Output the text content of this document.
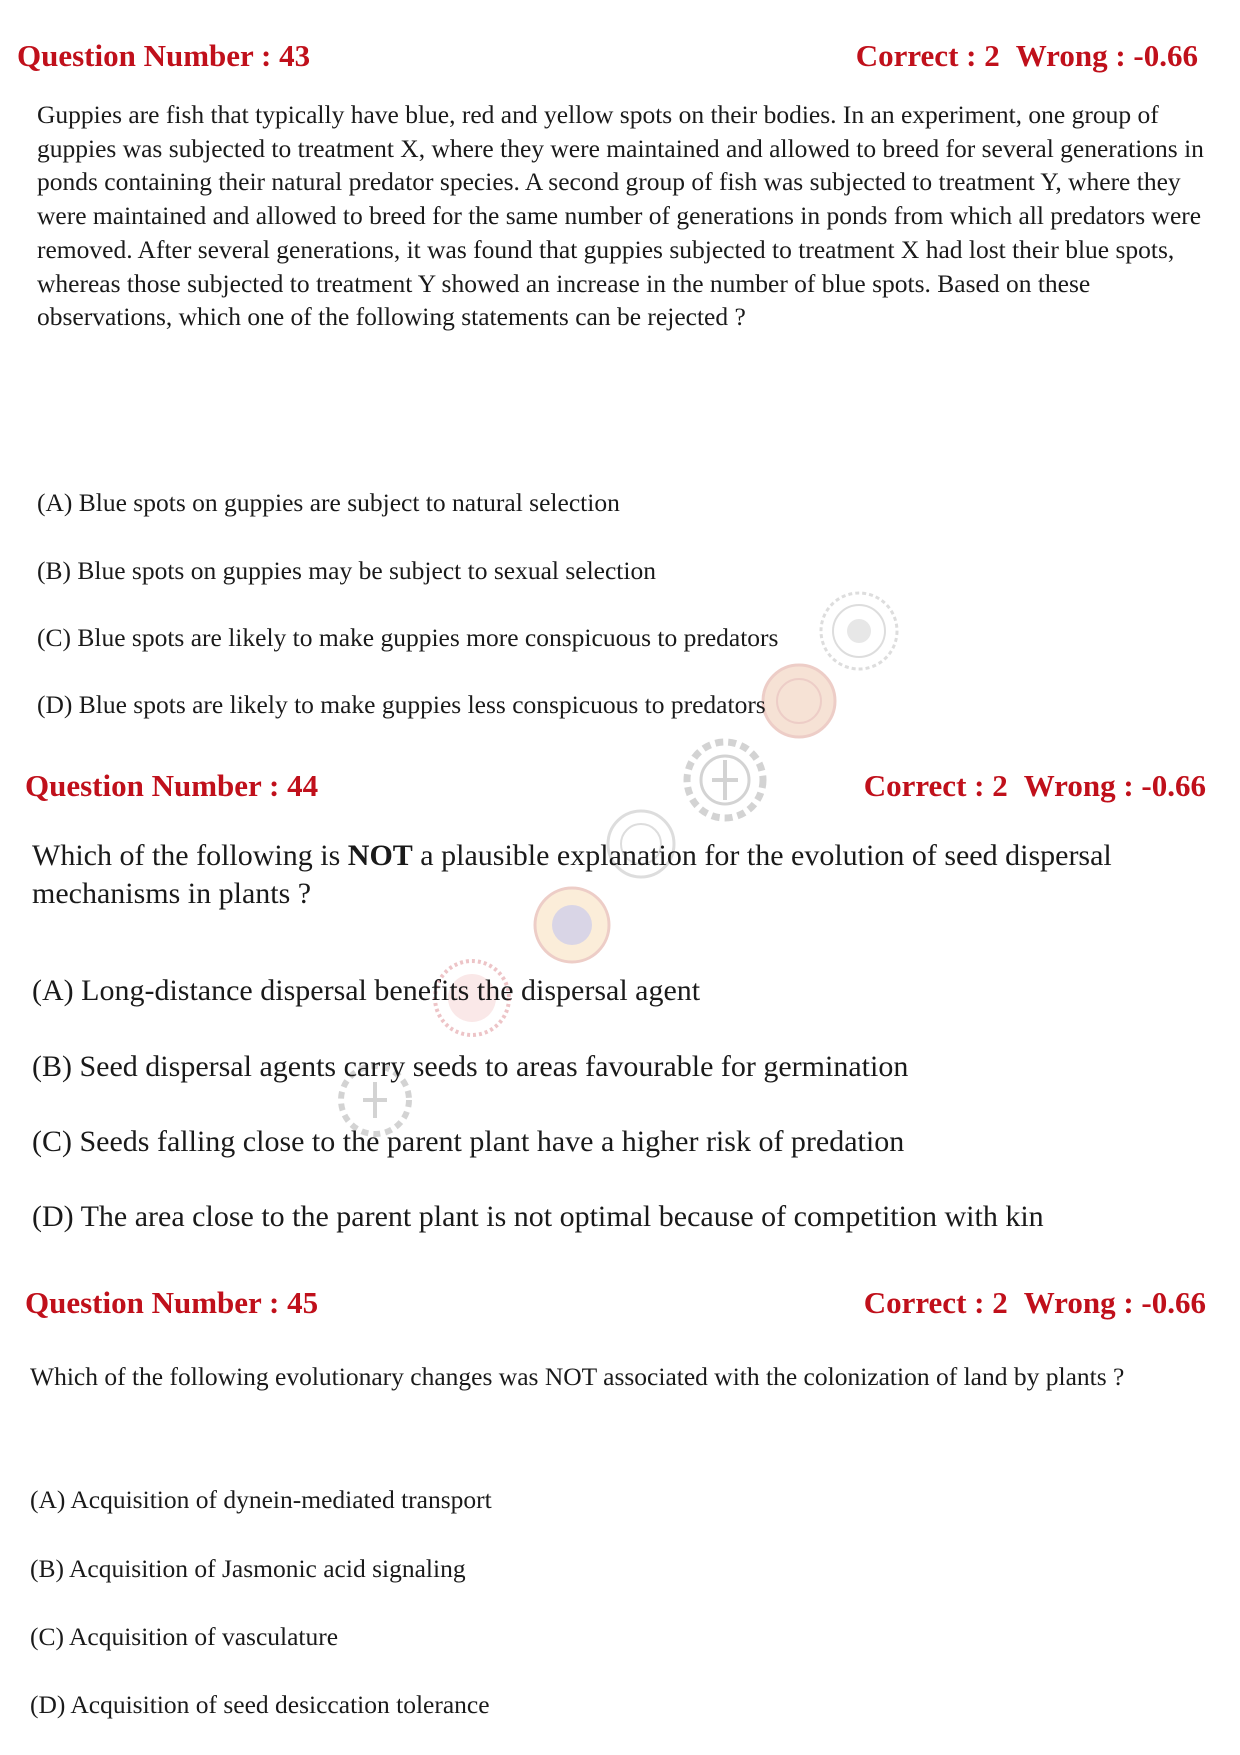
Question Number : 43	Correct : 2 Wrong : -0.66

Guppies are fish that typically have blue, red and yellow spots on their bodies. In an experiment, one group of guppies was subjected to treatment X, where they were maintained and allowed to breed for several generations in ponds containing their natural predator species. A second group of fish was subjected to treatment Y, where they were maintained and allowed to breed for the same number of generations in ponds from which all predators were removed. After several generations, it was found that guppies subjected to treatment X had lost their blue spots, whereas those subjected to treatment Y showed an increase in the number of blue spots. Based on these observations, which one of the following statements can be rejected ?

(A) Blue spots on guppies are subject to natural selection

(B) Blue spots on guppies may be subject to sexual selection

(C) Blue spots are likely to make guppies more conspicuous to predators

(D) Blue spots are likely to make guppies less conspicuous to predators

Question Number : 44	Correct : 2 Wrong : -0.66

Which of the following is NOT a plausible explanation for the evolution of seed dispersal mechanisms in plants ?

(A) Long-distance dispersal benefits the dispersal agent

(B) Seed dispersal agents carry seeds to areas favourable for germination

(C) Seeds falling close to the parent plant have a higher risk of predation

(D) The area close to the parent plant is not optimal because of competition with kin

Question Number : 45	Correct : 2 Wrong : -0.66

Which of the following evolutionary changes was NOT associated with the colonization of land by plants ?

(A) Acquisition of dynein-mediated transport

(B) Acquisition of Jasmonic acid signaling

(C) Acquisition of vasculature

(D) Acquisition of seed desiccation tolerance
